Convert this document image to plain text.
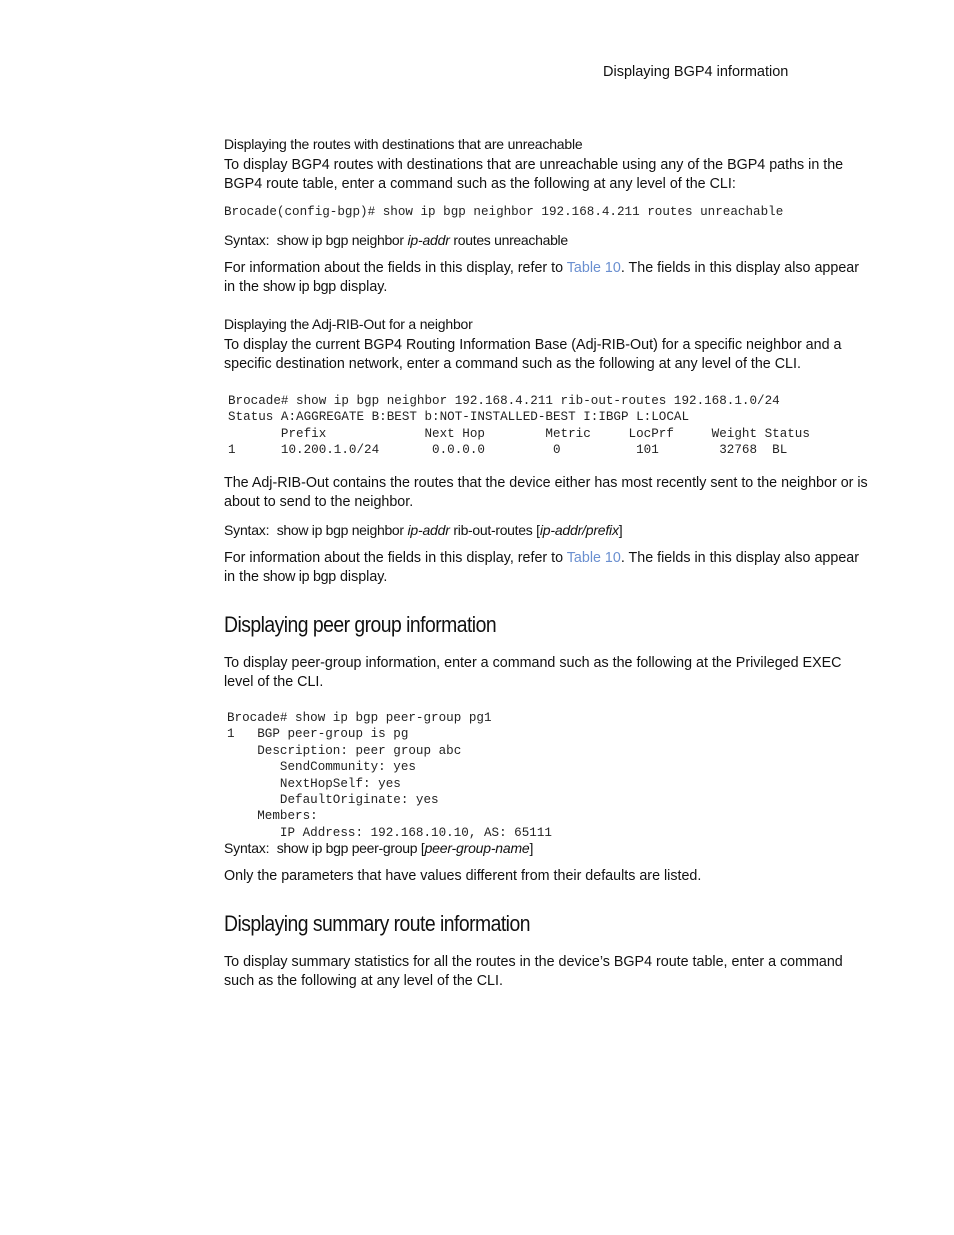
Displaying BGP4 information
Displaying the routes with destinations that are unreachable

To display BGP4 routes with destinations that are unreachable using any of the BGP4 paths in the BGP4 route table, enter a command such as the following at any level of the CLI:

Brocade(config-bgp)# show ip bgp neighbor 192.168.4.211 routes unreachable
Syntax: show ip bgp neighbor ip-addr routes unreachable
For information about the fields in this display, refer to Table 10. The fields in this display also appear in the show ip bgp display.
Displaying the Adj-RIB-Out for a neighbor

To display the current BGP4 Routing Information Base (Adj-RIB-Out) for a specific neighbor and a specific destination network, enter a command such as the following at any level of the CLI.

Brocade# show ip bgp neighbor 192.168.4.211 rib-out-routes 192.168.1.0/24
Status A:AGGREGATE B:BEST b:NOT-INSTALLED-BEST I:IBGP L:LOCAL
Prefix             Next Hop        Metric     LocPrf     Weight Status
1      10.200.1.0/24       0.0.0.0         0          101        32768  BL
The Adj-RIB-Out contains the routes that the device either has most recently sent to the neighbor or is about to send to the neighbor.
Syntax: show ip bgp neighbor ip-addr rib-out-routes [ip-addr/prefix]
For information about the fields in this display, refer to Table 10. The fields in this display also appear in the show ip bgp display.
Displaying peer group information
To display peer-group information, enter a command such as the following at the Privileged EXEC level of the CLI.
Brocade# show ip bgp peer-group pg1
1   BGP peer-group is pg
Description: peer group abc
SendCommunity: yes
NextHopSelf: yes
DefaultOriginate: yes
Members:
IP Address: 192.168.10.10, AS: 65111
Syntax: show ip bgp peer-group [peer-group-name]
Only the parameters that have values different from their defaults are listed.
Displaying summary route information
To display summary statistics for all the routes in the device’s BGP4 route table, enter a command such as the following at any level of the CLI.
